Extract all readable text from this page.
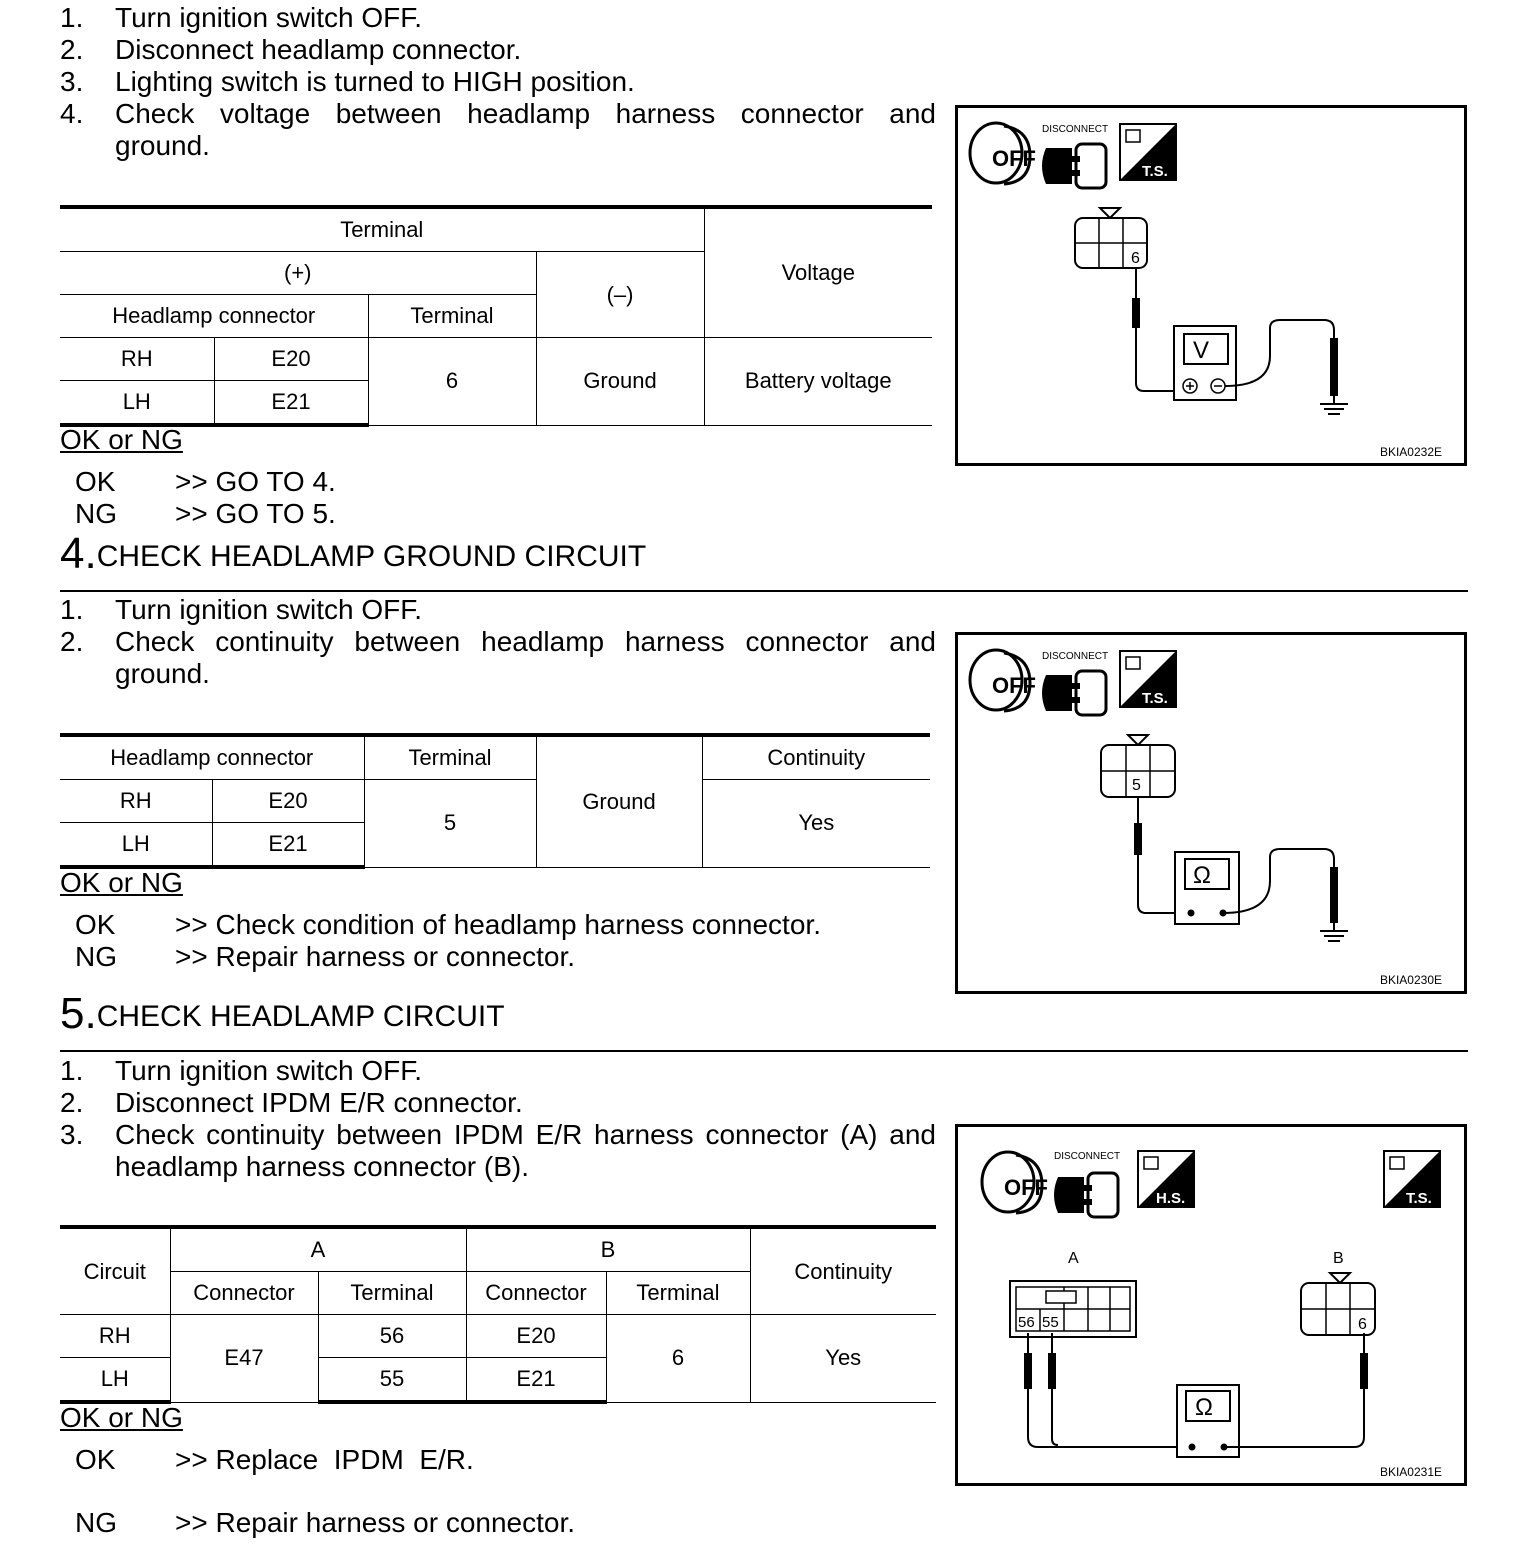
1. Turn ignition switch OFF.
2. Disconnect headlamp connector.
3. Lighting switch is turned to HIGH position.
4. Check voltage between headlamp harness connector and
ground.
Terminal				Voltage
(+)			(–)	
Headlamp connector		Terminal		
RH	E20	6	Ground	Battery voltage
LH	E21			
OK or NG
OK >> GO TO 4.
NG >> GO TO 5.
OFF
DISCONNECT
T.S.
6
V
BKIA0232E
4.CHECK HEADLAMP GROUND CIRCUIT
1. Turn ignition switch OFF.
2. Check continuity between headlamp harness connector and
ground.
Headlamp connector		Terminal	Ground	Continuity
RH	E20	5		Yes
LH	E21			
OK or NG
OK >> Check condition of headlamp harness connector.
NG >> Repair harness or connector.
OFF
DISCONNECT
T.S.
5
Ω
BKIA0230E
5.CHECK HEADLAMP CIRCUIT
1. Turn ignition switch OFF.
2. Disconnect IPDM E/R connector.
3. Check continuity between IPDM E/R harness connector (A) and
headlamp harness connector (B).
Circuit	A		B		Continuity
	Connector	Terminal	Connector	Terminal	
RH	E47	56	E20	6	Yes
LH		55	E21		
OK or NG
OK >> Replace  IPDM  E/R.
NG >> Repair harness or connector.
OFF
DISCONNECT
H.S.	T.S.
A	B
56 55	6
Ω
BKIA0231E
